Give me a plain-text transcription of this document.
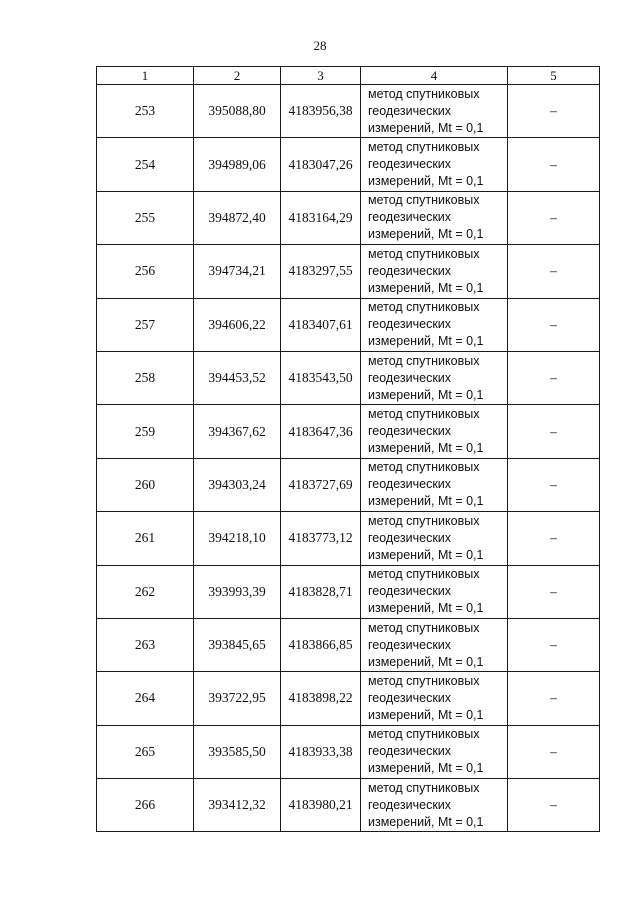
28
1	2	3	4	5
253	395088,80	4183956,38	метод спутниковых
геодезических
измерений, Mt = 0,1	–
254	394989,06	4183047,26	метод спутниковых
геодезических
измерений, Mt = 0,1	–
255	394872,40	4183164,29	метод спутниковых
геодезических
измерений, Mt = 0,1	–
256	394734,21	4183297,55	метод спутниковых
геодезических
измерений, Mt = 0,1	–
257	394606,22	4183407,61	метод спутниковых
геодезических
измерений, Mt = 0,1	–
258	394453,52	4183543,50	метод спутниковых
геодезических
измерений, Mt = 0,1	–
259	394367,62	4183647,36	метод спутниковых
геодезических
измерений, Mt = 0,1	–
260	394303,24	4183727,69	метод спутниковых
геодезических
измерений, Mt = 0,1	–
261	394218,10	4183773,12	метод спутниковых
геодезических
измерений, Mt = 0,1	–
262	393993,39	4183828,71	метод спутниковых
геодезических
измерений, Mt = 0,1	–
263	393845,65	4183866,85	метод спутниковых
геодезических
измерений, Mt = 0,1	–
264	393722,95	4183898,22	метод спутниковых
геодезических
измерений, Mt = 0,1	–
265	393585,50	4183933,38	метод спутниковых
геодезических
измерений, Mt = 0,1	–
266	393412,32	4183980,21	метод спутниковых
геодезических
измерений, Mt = 0,1	–
